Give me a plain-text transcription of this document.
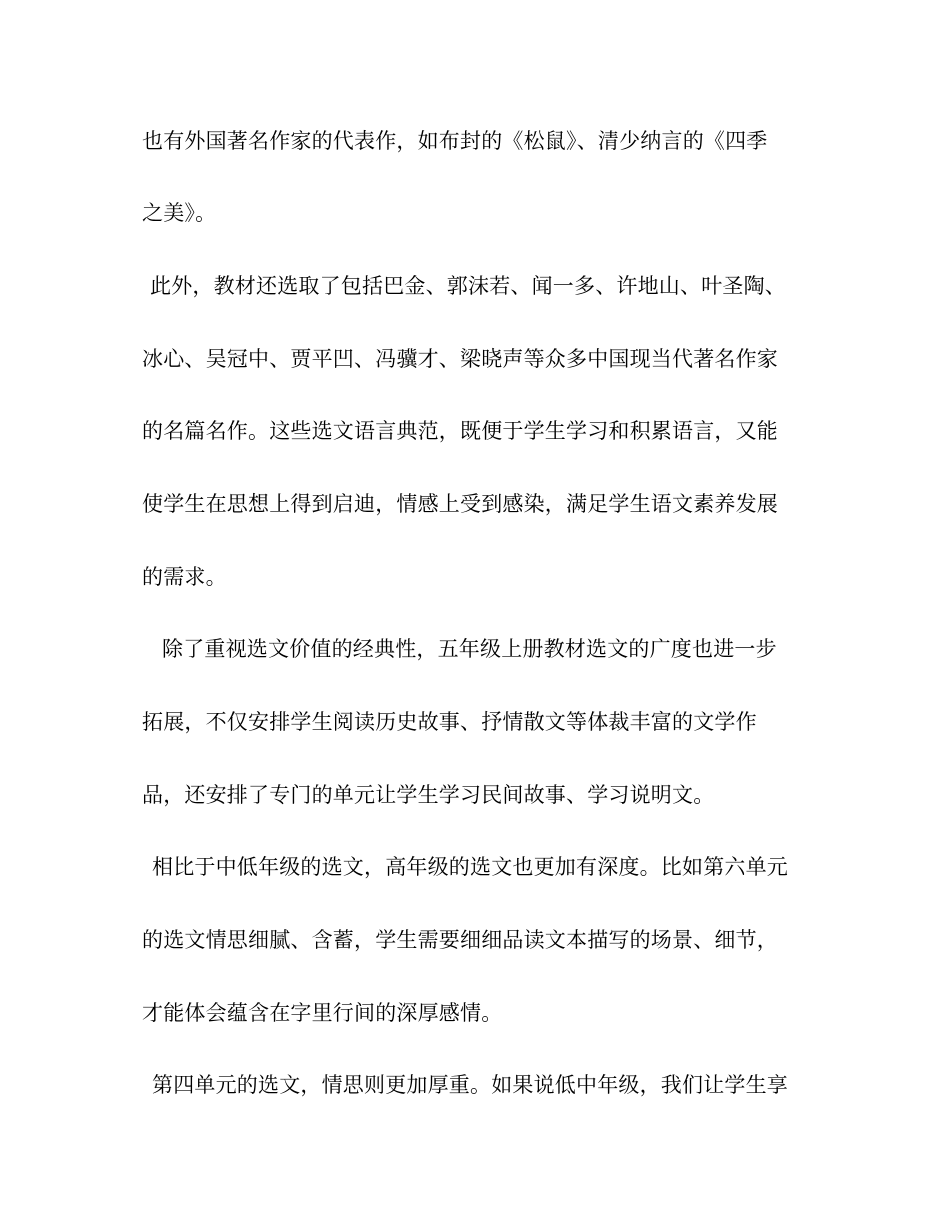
也有外国著名作家的代表作，如布封的《松鼠》、清少纳言的《四季
之美》。
此外，教材还选取了包括巴金、郭沫若、闻一多、许地山、叶圣陶、
冰心、吴冠中、贾平凹、冯骥才、梁晓声等众多中国现当代著名作家
的名篇名作。这些选文语言典范，既便于学生学习和积累语言，又能
使学生在思想上得到启迪，情感上受到感染，满足学生语文素养发展
的需求。
除了重视选文价值的经典性，五年级上册教材选文的广度也进一步
拓展，不仅安排学生阅读历史故事、抒情散文等体裁丰富的文学作
品，还安排了专门的单元让学生学习民间故事、学习说明文。
相比于中低年级的选文，高年级的选文也更加有深度。比如第六单元
的选文情思细腻、含蓄，学生需要细细品读文本描写的场景、细节，
才能体会蕴含在字里行间的深厚感情。
第四单元的选文，情思则更加厚重。如果说低中年级，我们让学生享
